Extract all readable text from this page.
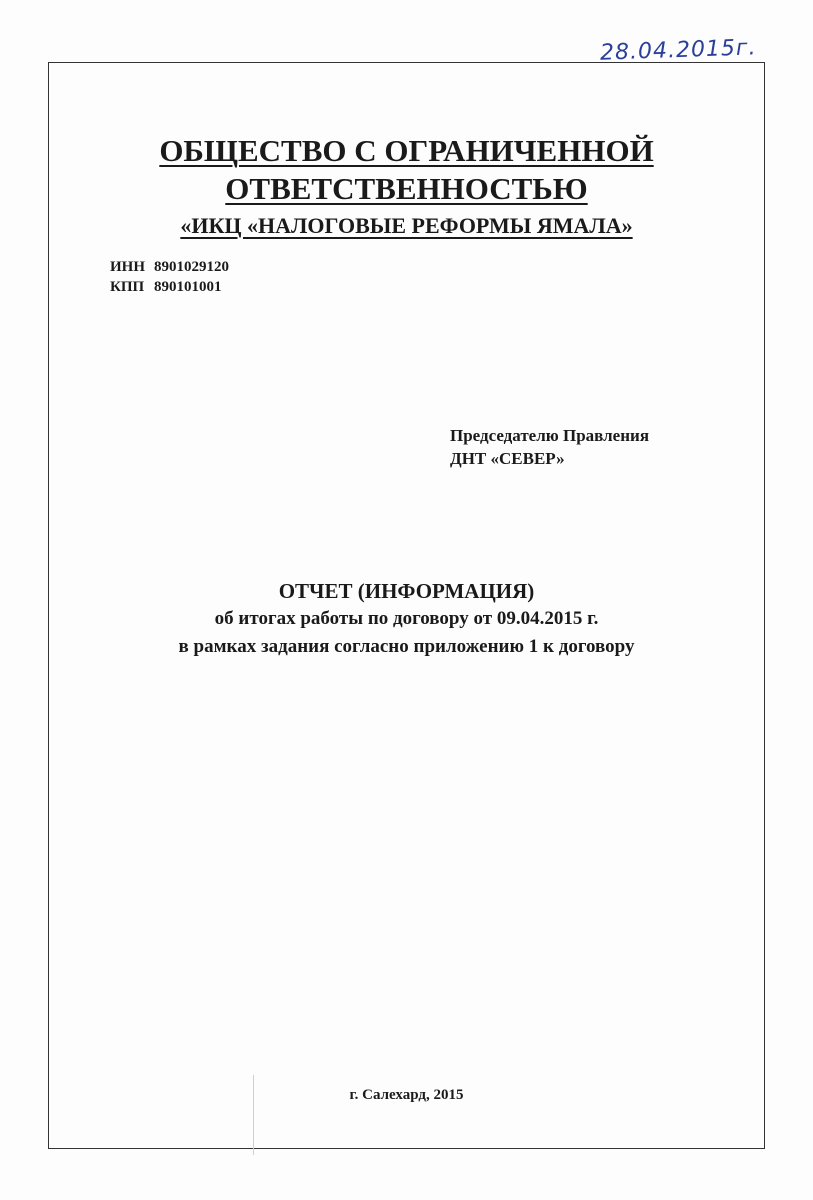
28.04.2015г.
ОБЩЕСТВО С ОГРАНИЧЕННОЙ
ОТВЕТСТВЕННОСТЬЮ
«ИКЦ «НАЛОГОВЫЕ РЕФОРМЫ ЯМАЛА»
ИНН 8901029120
КПП 890101001
Председателю Правления
ДНТ «СЕВЕР»
ОТЧЕТ (ИНФОРМАЦИЯ)
об итогах работы по договору от 09.04.2015 г.
в рамках задания согласно приложению 1 к договору
г. Салехард, 2015
